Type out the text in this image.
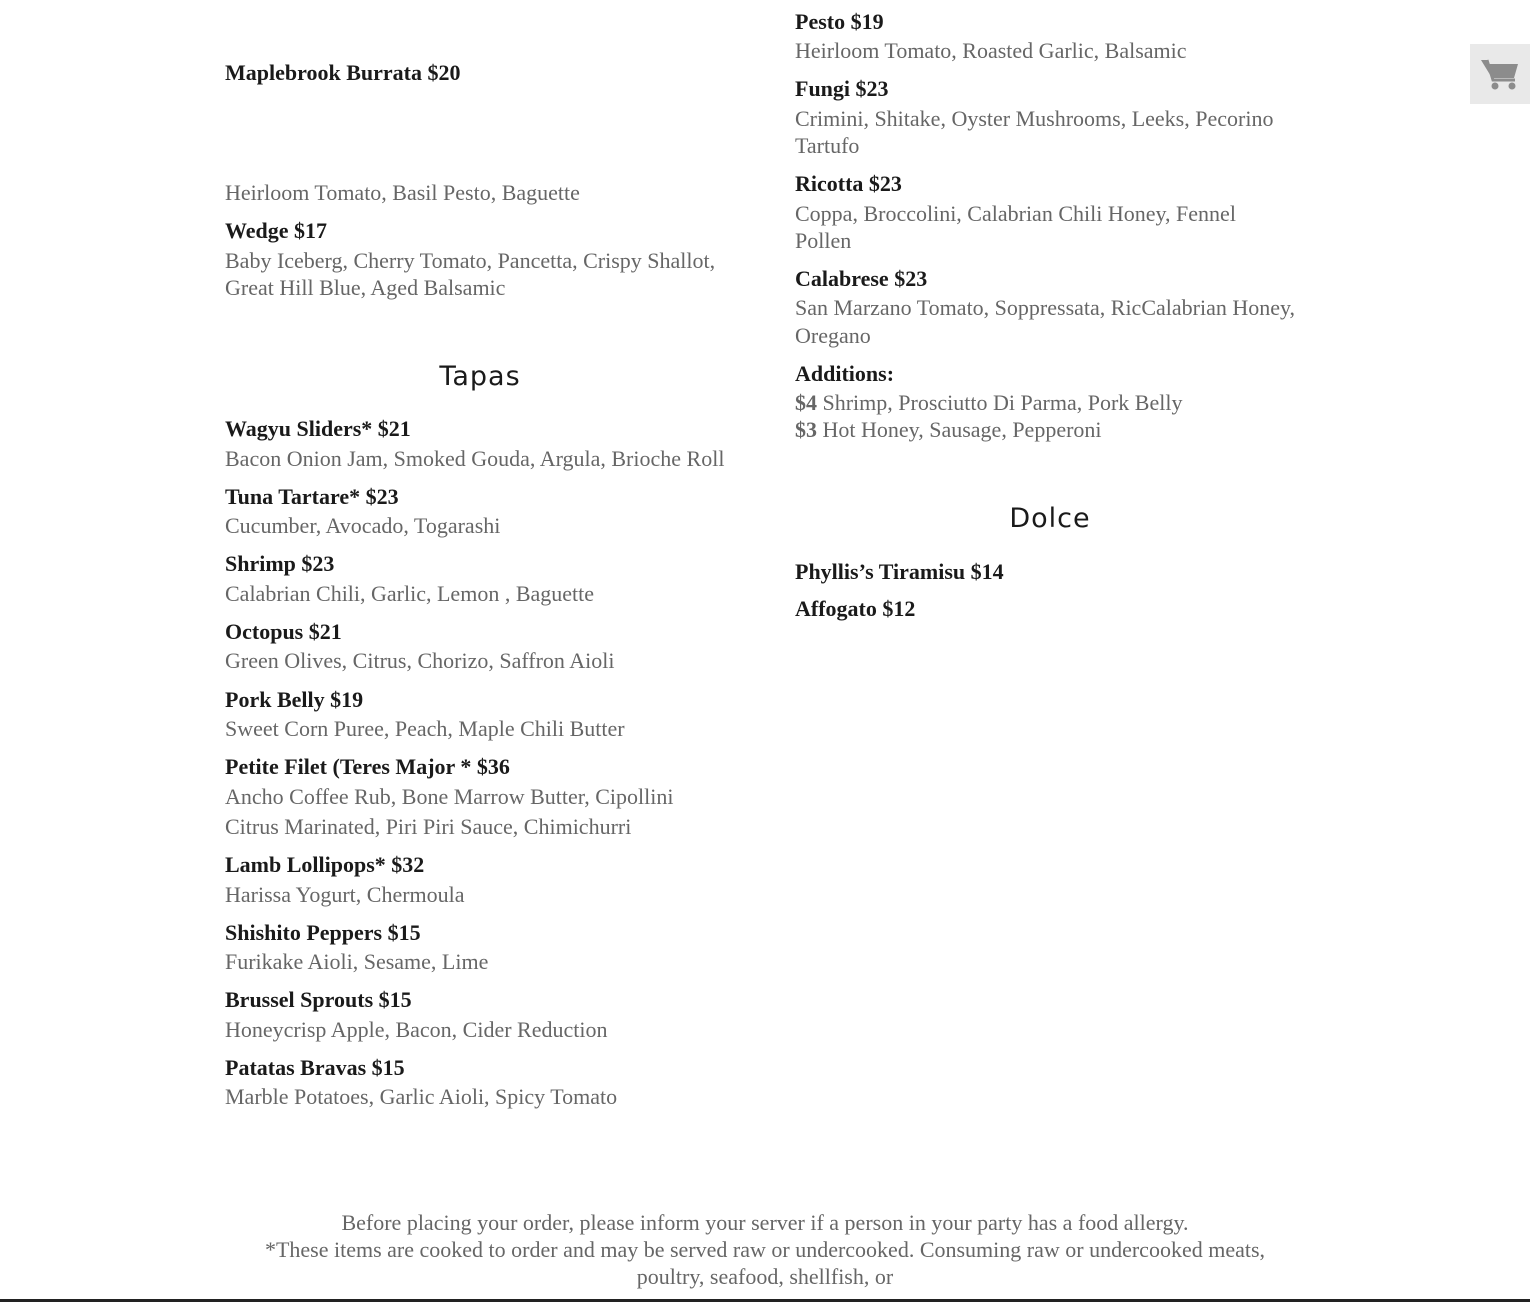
Maplebrook Burrata $20
Heirloom Tomato, Basil Pesto, Baguette
Wedge $17
Baby Iceberg, Cherry Tomato, Pancetta, Crispy Shallot,
Great Hill Blue, Aged Balsamic
Tapas
Wagyu Sliders* $21
Bacon Onion Jam, Smoked Gouda, Argula, Brioche Roll
Tuna Tartare* $23
Cucumber, Avocado, Togarashi
Shrimp $23
Calabrian Chili, Garlic, Lemon , Baguette
Octopus $21
Green Olives, Citrus, Chorizo, Saffron Aioli
Pork Belly $19
Sweet Corn Puree, Peach, Maple Chili Butter
Petite Filet (Teres Major * $36
Ancho Coffee Rub, Bone Marrow Butter, Cipollini
Citrus Marinated, Piri Piri Sauce, Chimichurri
Lamb Lollipops* $32
Harissa Yogurt, Chermoula
Shishito Peppers $15
Furikake Aioli, Sesame, Lime
Brussel Sprouts $15
Honeycrisp Apple, Bacon, Cider Reduction
Patatas Bravas $15
Marble Potatoes, Garlic Aioli, Spicy Tomato
Pesto $19
Heirloom Tomato, Roasted Garlic, Balsamic
Fungi $23
Crimini, Shitake, Oyster Mushrooms, Leeks, Pecorino
Tartufo
Ricotta $23
Coppa, Broccolini, Calabrian Chili Honey, Fennel
Pollen
Calabrese $23
San Marzano Tomato, Soppressata, RicCalabrian Honey,
Oregano
Additions:
$4 Shrimp, Prosciutto Di Parma, Pork Belly
$3 Hot Honey, Sausage, Pepperoni
Dolce
Phyllis’s Tiramisu $14
Affogato $12
Before placing your order, please inform your server if a person in your party has a food allergy.
*These items are cooked to order and may be served raw or undercooked. Consuming raw or undercooked meats,
poultry, seafood, shellfish, or
